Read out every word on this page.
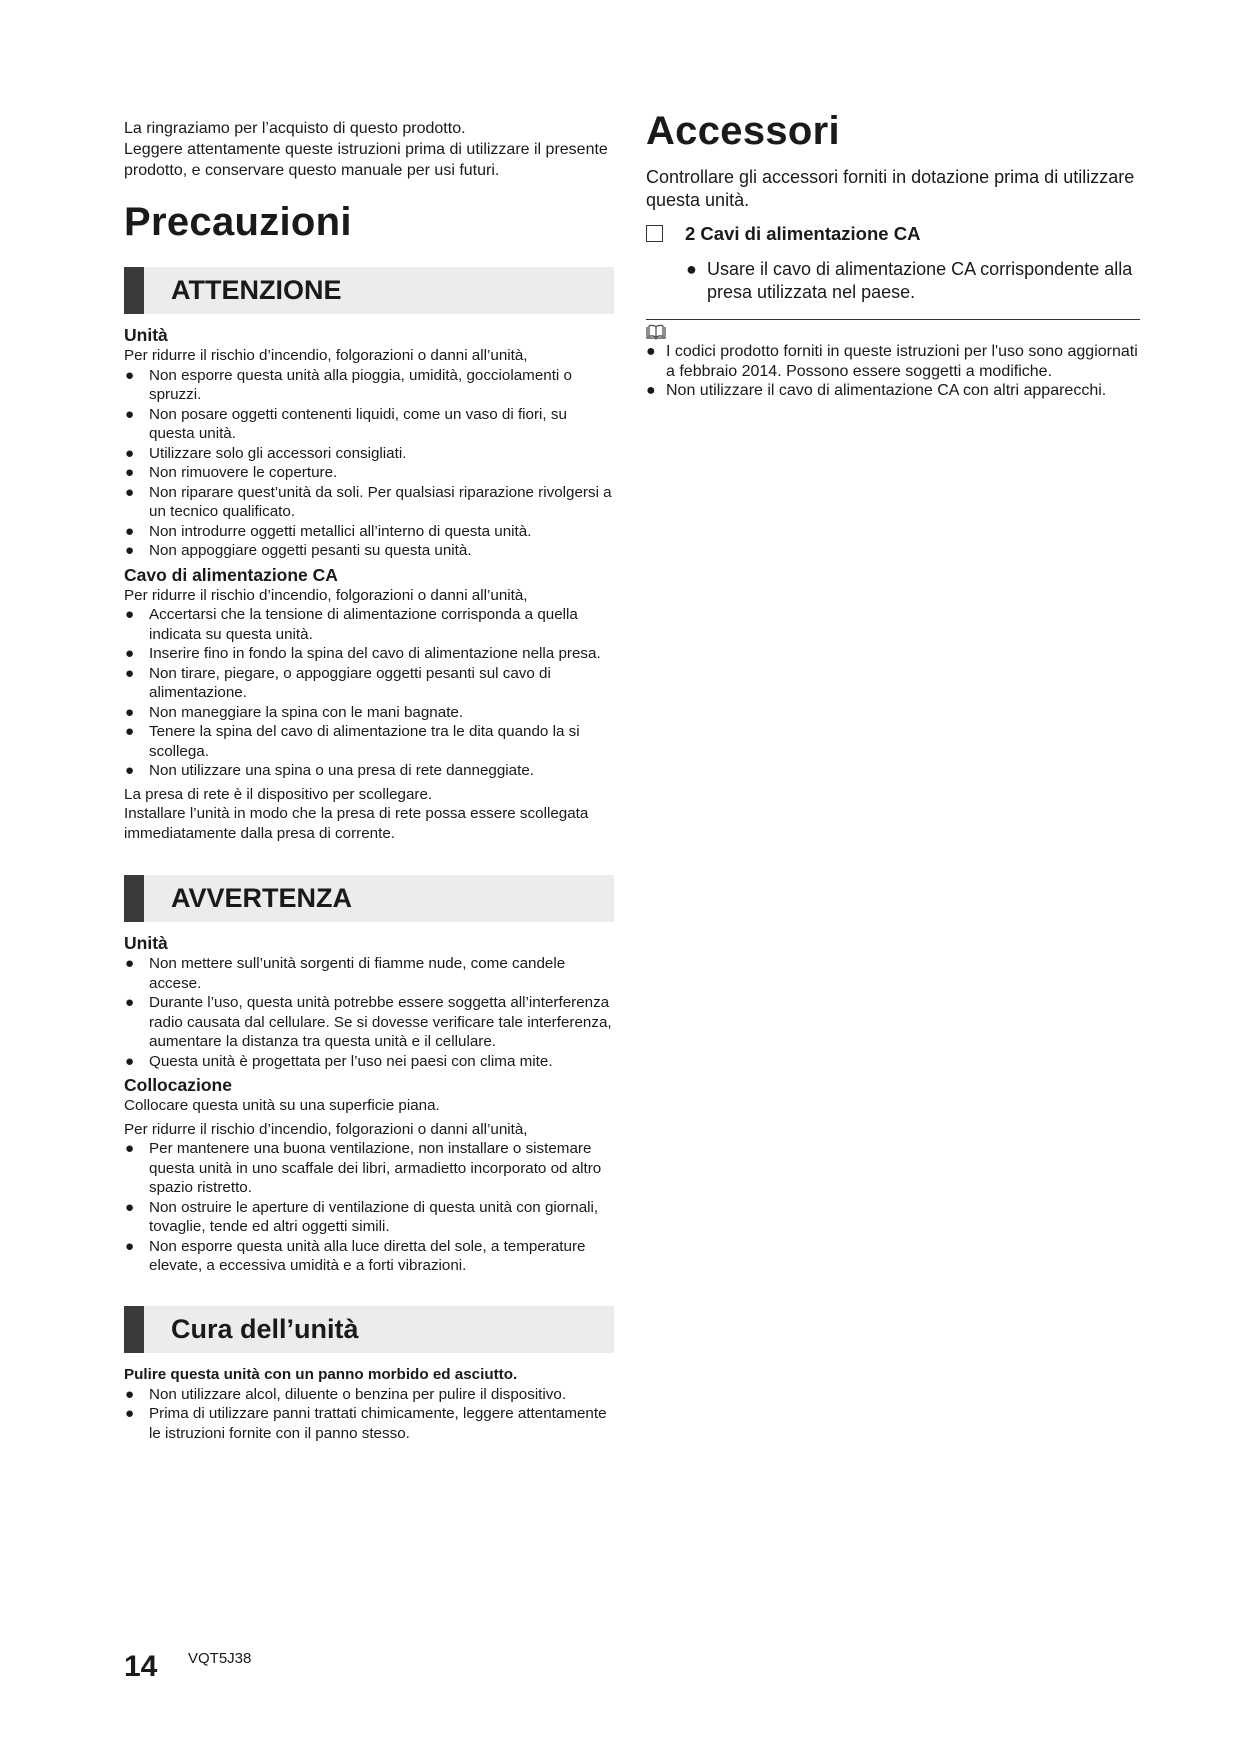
La ringraziamo per l’acquisto di questo prodotto.

Leggere attentamente queste istruzioni prima di utilizzare il presente prodotto, e conservare questo manuale per usi futuri.

Precauzioni
ATTENZIONE

Unità

Per ridurre il rischio d’incendio, folgorazioni o danni all’unità,

● Non esporre questa unità alla pioggia, umidità, gocciolamenti o spruzzi.
● Non posare oggetti contenenti liquidi, come un vaso di fiori, su questa unità.
● Utilizzare solo gli accessori consigliati.
● Non rimuovere le coperture.
● Non riparare quest’unità da soli. Per qualsiasi riparazione rivolgersi a un tecnico qualificato.
● Non introdurre oggetti metallici all’interno di questa unità.
● Non appoggiare oggetti pesanti su questa unità.

Cavo di alimentazione CA

Per ridurre il rischio d’incendio, folgorazioni o danni all’unità,

● Accertarsi che la tensione di alimentazione corrisponda a quella indicata su questa unità.
● Inserire fino in fondo la spina del cavo di alimentazione nella presa.
● Non tirare, piegare, o appoggiare oggetti pesanti sul cavo di alimentazione.
● Non maneggiare la spina con le mani bagnate.
● Tenere la spina del cavo di alimentazione tra le dita quando la si scollega.
● Non utilizzare una spina o una presa di rete danneggiate.

La presa di rete è il dispositivo per scollegare.

Installare l’unità in modo che la presa di rete possa essere scollegata immediatamente dalla presa di corrente.

AVVERTENZA

Unità

● Non mettere sull’unità sorgenti di fiamme nude, come candele accese.
● Durante l’uso, questa unità potrebbe essere soggetta all’interferenza radio causata dal cellulare. Se si dovesse verificare tale interferenza, aumentare la distanza tra questa unità e il cellulare.
● Questa unità è progettata per l’uso nei paesi con clima mite.

Collocazione

Collocare questa unità su una superficie piana.

Per ridurre il rischio d’incendio, folgorazioni o danni all’unità,

● Per mantenere una buona ventilazione, non installare o sistemare questa unità in uno scaffale dei libri, armadietto incorporato od altro spazio ristretto.
● Non ostruire le aperture di ventilazione di questa unità con giornali, tovaglie, tende ed altri oggetti simili.
● Non esporre questa unità alla luce diretta del sole, a temperature elevate, a eccessiva umidità e a forti vibrazioni.
Cura dell’unità

Pulire questa unità con un panno morbido ed asciutto.

● Non utilizzare alcol, diluente o benzina per pulire il dispositivo.
● Prima di utilizzare panni trattati chimicamente, leggere attentamente le istruzioni fornite con il panno stesso.
Accessori

Controllare gli accessori forniti in dotazione prima di utilizzare questa unità.

2 Cavi di alimentazione CA
● Usare il cavo di alimentazione CA corrispondente alla presa utilizzata nel paese.
● I codici prodotto forniti in queste istruzioni per l'uso sono aggiornati a febbraio 2014. Possono essere soggetti a modifiche.
● Non utilizzare il cavo di alimentazione CA con altri apparecchi.
14 VQT5J38
